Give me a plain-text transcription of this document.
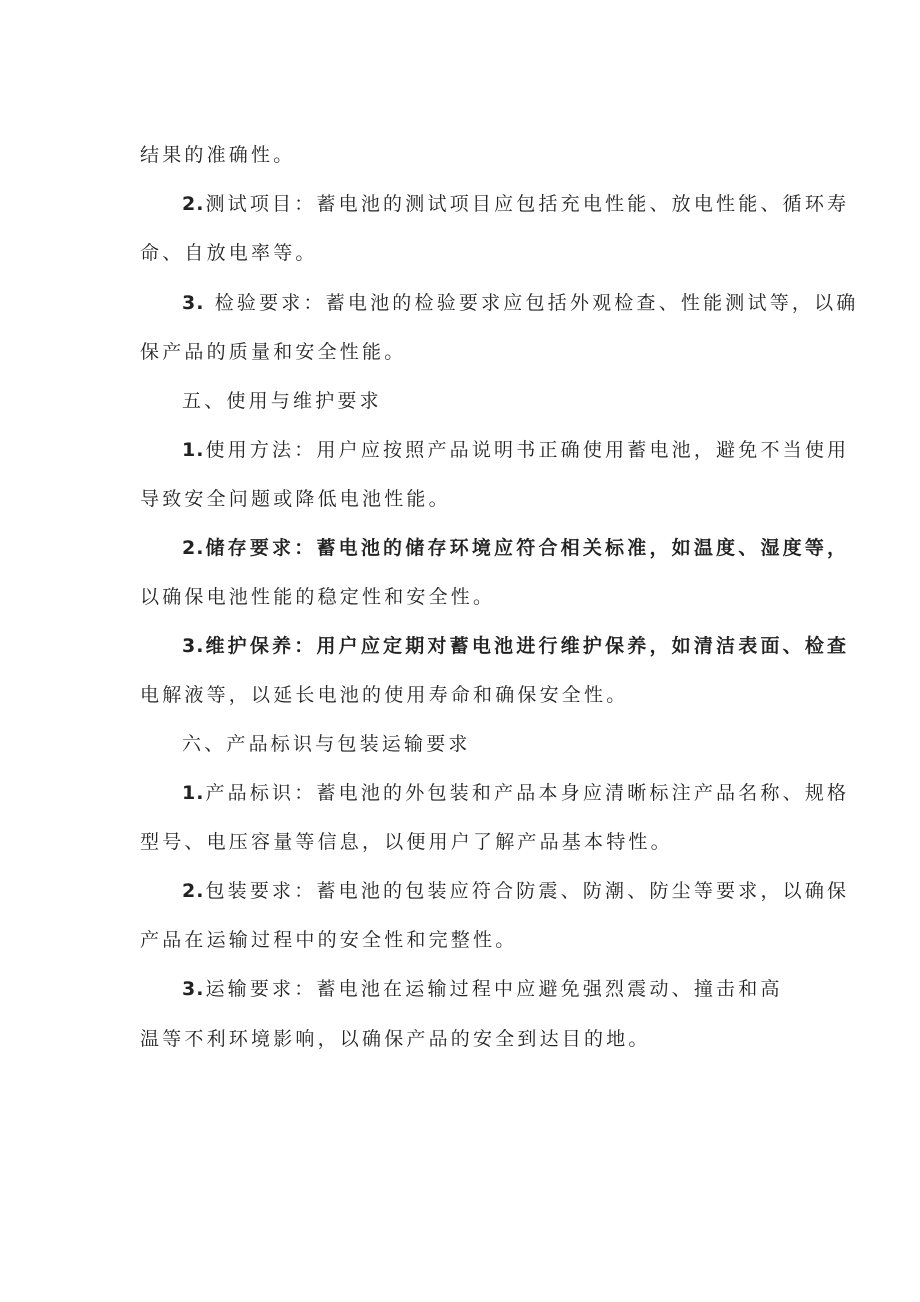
结果的准确性。
2.测试项目：蓄电池的测试项目应包括充电性能、放电性能、循环寿
命、自放电率等。
3. 检验要求：蓄电池的检验要求应包括外观检查、性能测试等，以确
保产品的质量和安全性能。
五、使用与维护要求
1.使用方法：用户应按照产品说明书正确使用蓄电池，避免不当使用
导致安全问题或降低电池性能。
2.储存要求：蓄电池的储存环境应符合相关标准，如温度、湿度等，
以确保电池性能的稳定性和安全性。
3.维护保养：用户应定期对蓄电池进行维护保养，如清洁表面、检查
电解液等，以延长电池的使用寿命和确保安全性。
六、产品标识与包装运输要求
1.产品标识：蓄电池的外包装和产品本身应清晰标注产品名称、规格
型号、电压容量等信息，以便用户了解产品基本特性。
2.包装要求：蓄电池的包装应符合防震、防潮、防尘等要求，以确保
产品在运输过程中的安全性和完整性。
3.运输要求：蓄电池在运输过程中应避免强烈震动、撞击和高
温等不利环境影响，以确保产品的安全到达目的地。
